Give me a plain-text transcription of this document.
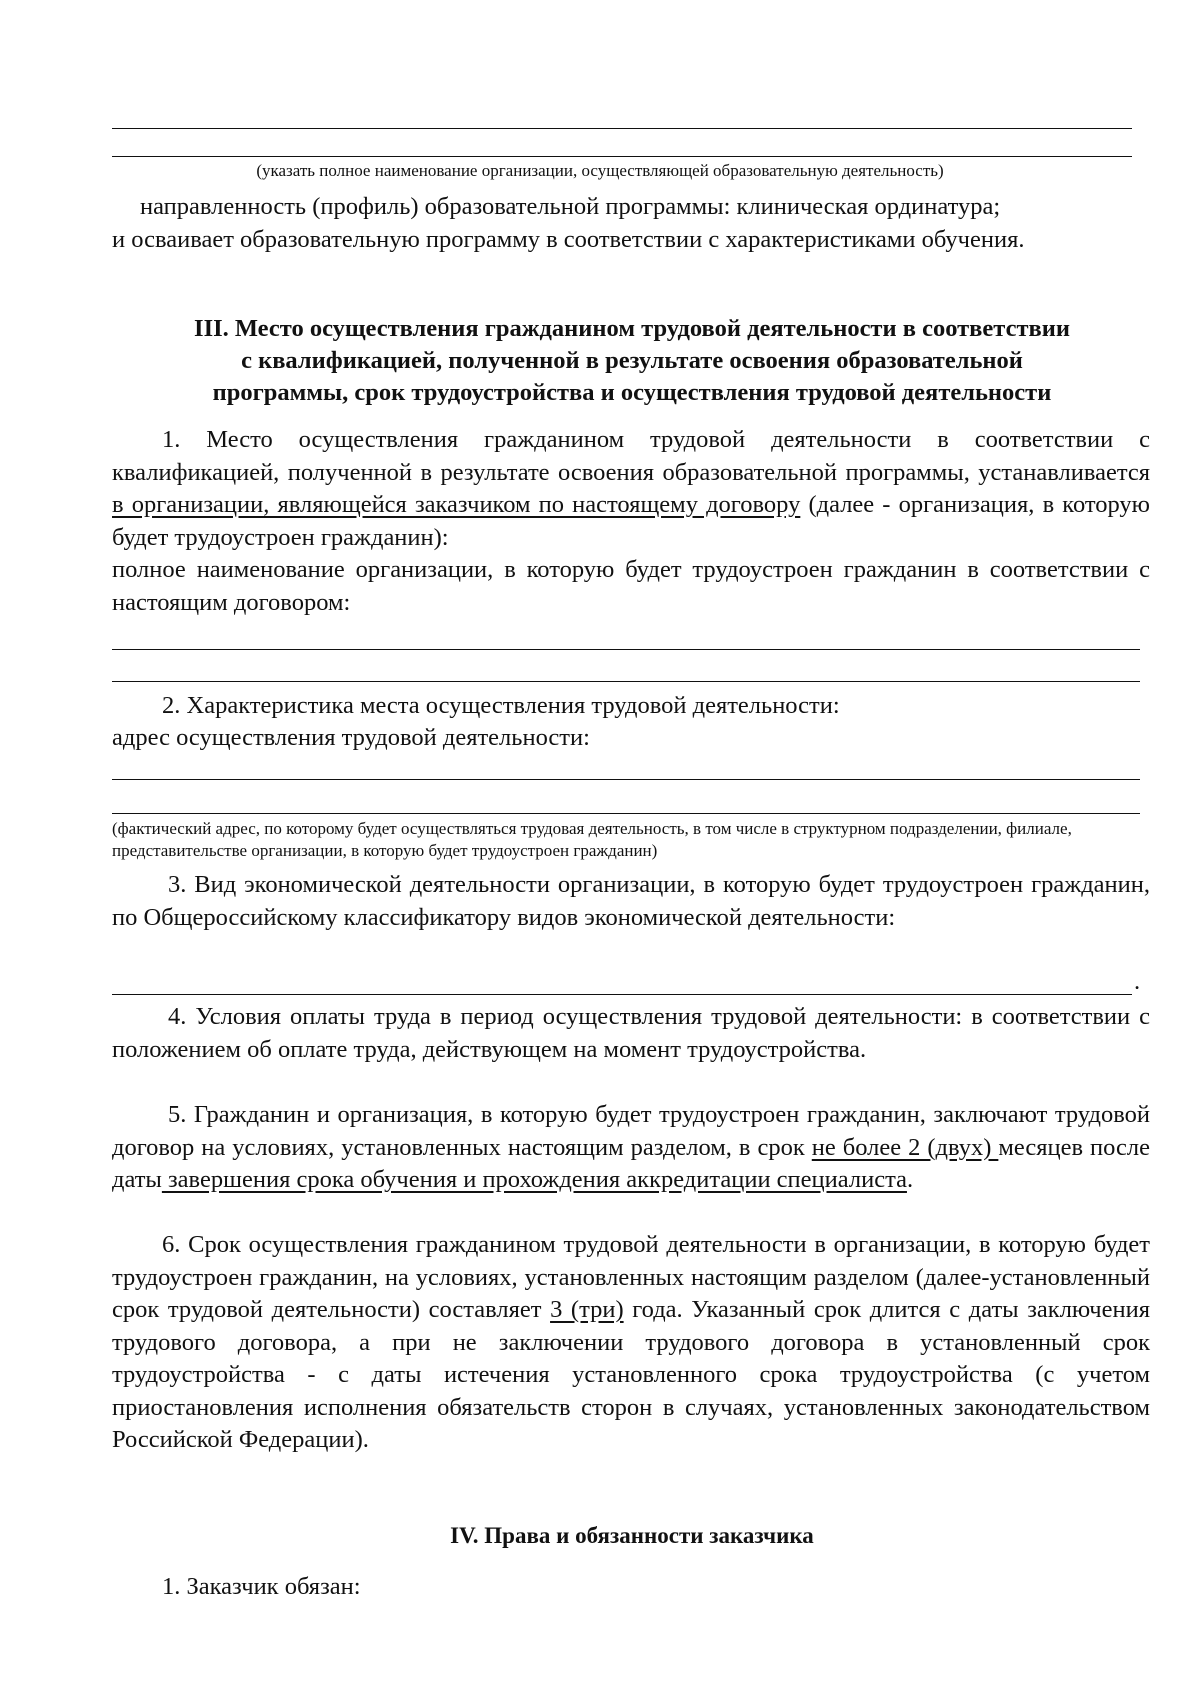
(указать полное наименование организации, осуществляющей образовательную деятельность)
направленность (профиль) образовательной программы: клиническая ординатура;
и осваивает образовательную программу в соответствии с характеристиками обучения.
III. Место осуществления гражданином трудовой деятельности в соответствии
с квалификацией, полученной в результате освоения образовательной
программы, срок трудоустройства и осуществления трудовой деятельности
1. Место осуществления гражданином трудовой деятельности в соответствии с квалификацией, полученной в результате освоения образовательной программы, устанавливается в организации, являющейся заказчиком по настоящему договору (далее - организация, в которую будет трудоустроен гражданин):
полное наименование организации, в которую будет трудоустроен гражданин в соответствии с настоящим договором:
2. Характеристика места осуществления трудовой деятельности:
адрес осуществления трудовой деятельности:
(фактический адрес, по которому будет осуществляться трудовая деятельность, в том числе в структурном подразделении, филиале, представительстве организации, в которую будет трудоустроен гражданин)
3. Вид экономической деятельности организации, в которую будет трудоустроен гражданин, по Общероссийскому классификатору видов экономической деятельности:
.
4. Условия оплаты труда в период осуществления трудовой деятельности: в соответствии с положением об оплате труда, действующем на момент трудоустройства.
5. Гражданин и организация, в которую будет трудоустроен гражданин, заключают трудовой договор на условиях, установленных настоящим разделом, в срок не более 2 (двух) месяцев после даты завершения срока обучения и прохождения аккредитации специалиста.
6. Срок осуществления гражданином трудовой деятельности в организации, в которую будет трудоустроен гражданин, на условиях, установленных настоящим разделом (далее-установленный срок трудовой деятельности) составляет 3 (три) года. Указанный срок длится с даты заключения трудового договора, а при не заключении трудового договора в установленный срок трудоустройства - с даты истечения установленного срока трудоустройства (с учетом приостановления исполнения обязательств сторон в случаях, установленных законодательством Российской Федерации).
IV. Права и обязанности заказчика
1. Заказчик обязан:
